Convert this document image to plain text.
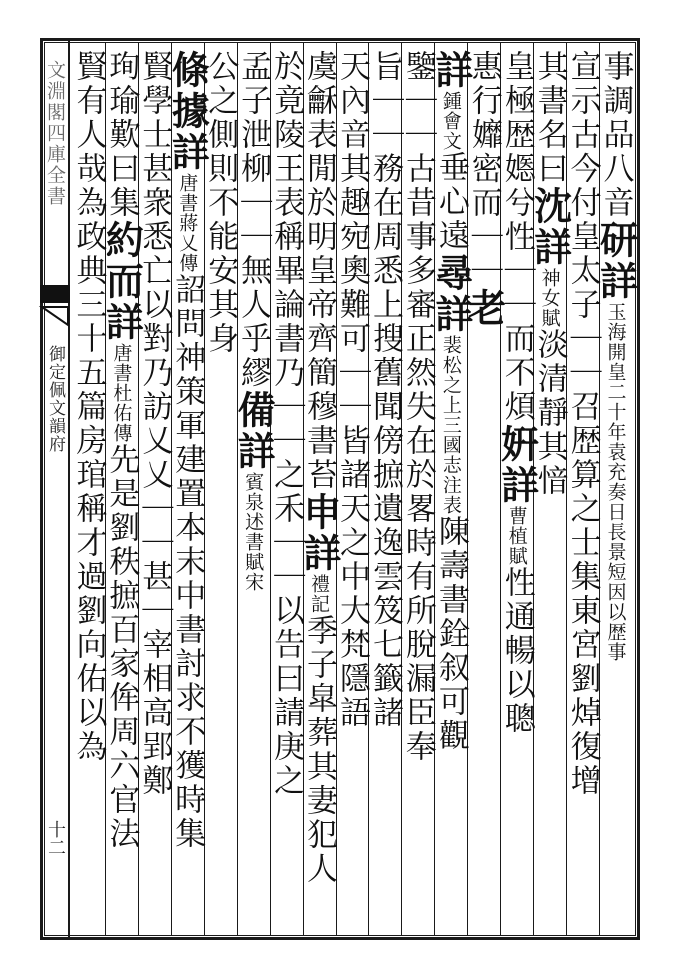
文淵閣四庫全書
御定佩文韻府
十二
事調品八音研詳玉海開皇二十年袁充奏日長景短因以歴事
宣示古今付皇太子｜｜召歴算之士集東宮劉焯復增
其書名曰沈詳神女賦淡清靜其愔
皇極歴嫕兮性｜｜而不煩姸詳曹植賦性通暢以聰
惠行孊密而｜｜老
詳鍾會文垂心遠尋詳裴松之上三國志注表陳壽書銓叙可觀
鑒｜｜古昔事多審正然失在於畧時有所脫漏臣奉
旨｜｜務在周悉上搜舊聞傍摭遺逸雲笈七籤諸
天內音其趣宛奧難可｜｜皆諸天之中大梵隱語
虞龢表閒於明皇帝齊簡穆書苔申詳禮記季子皐葬其妻犯人
於竟陵王表稱畢論書乃｜｜之禾｜｜以告曰請庚之
孟子泄柳｜｜無人乎繆備詳賓泉述書賦宋
公之側則不能安其身
條據詳唐書蔣乂傳詔問神策軍建置本末中書討求不獲時集
賢學士甚衆悉亡以對乃訪乂乂｜｜甚｜宰相高郢鄭
珣瑜歎曰集約而詳唐書杜佑傳先是劉秩摭百家侔周六官法
賢有人哉為政典三十五篇房琯稱才過劉向佑以為
